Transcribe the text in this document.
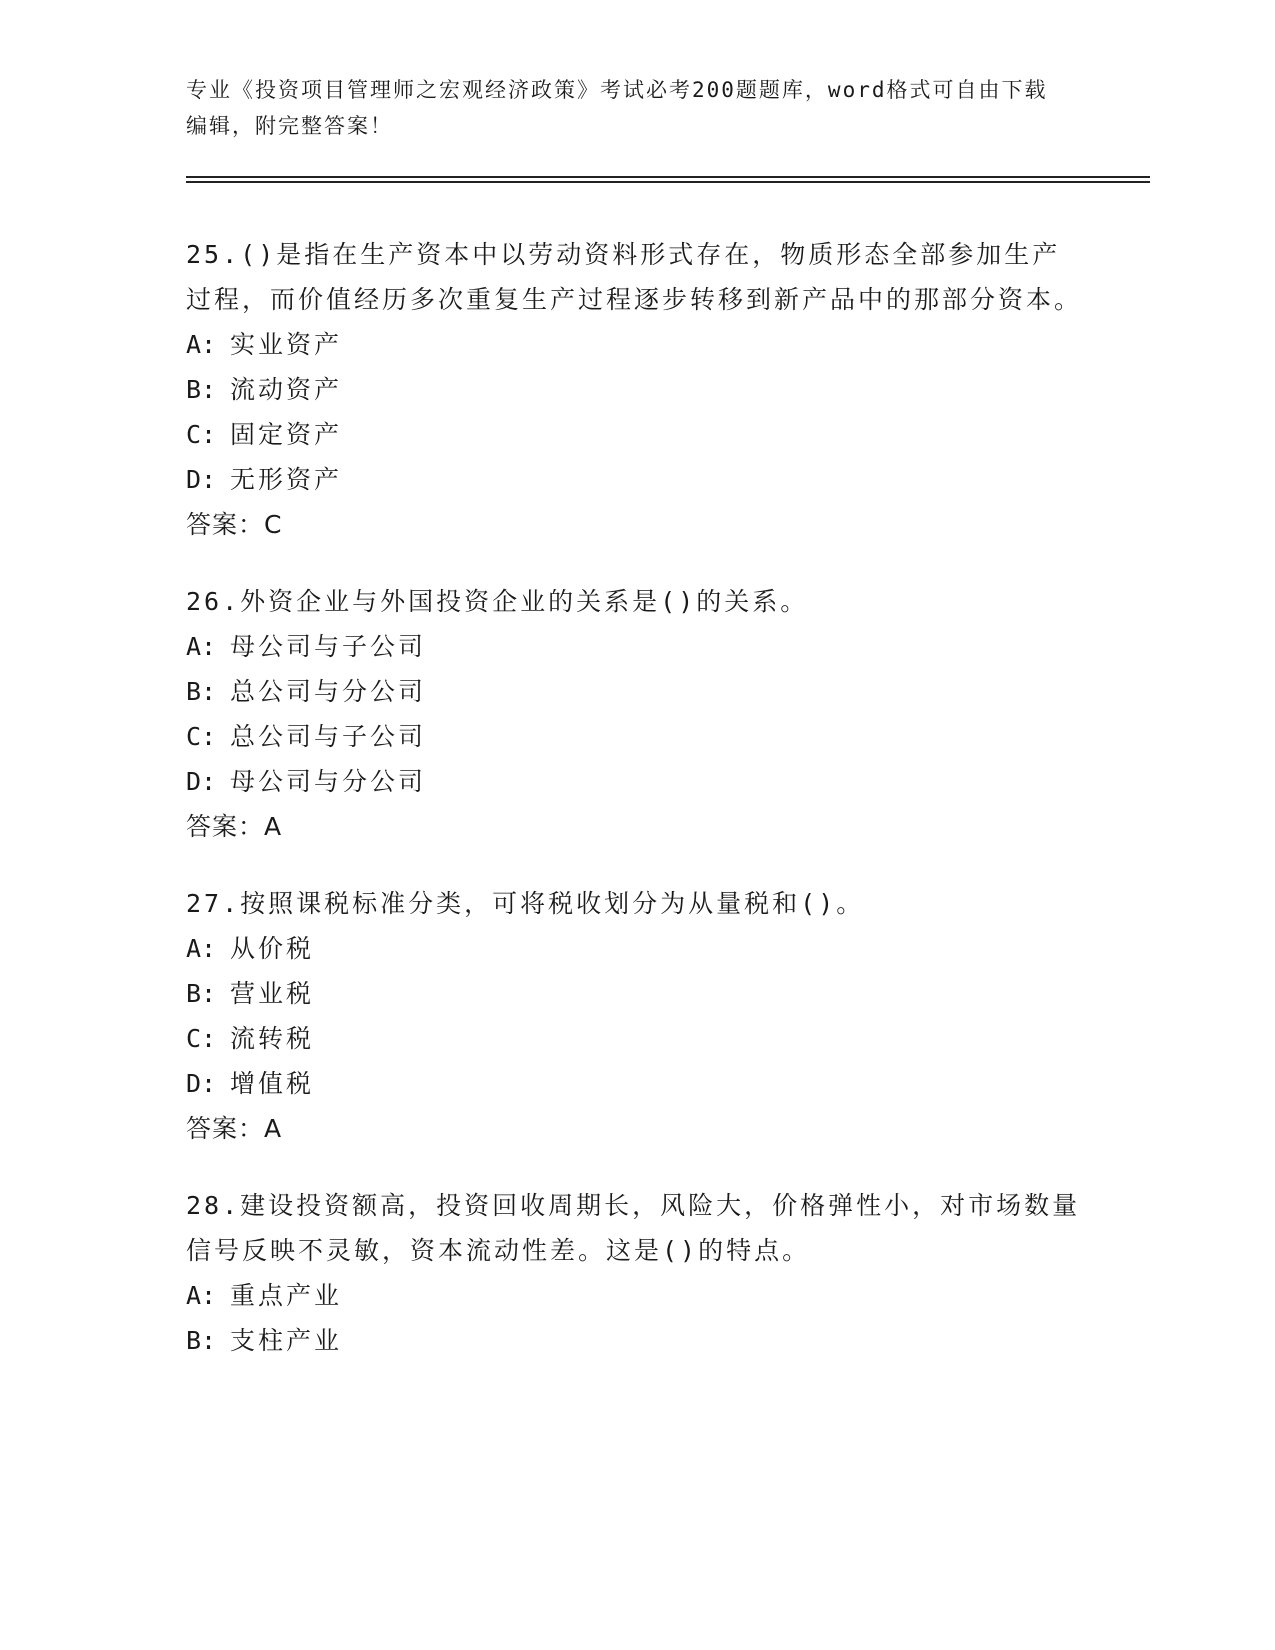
专业《投资项目管理师之宏观经济政策》考试必考200题题库，word格式可自由下载编辑，附完整答案！
25.()是指在生产资本中以劳动资料形式存在，物质形态全部参加生产过程，而价值经历多次重复生产过程逐步转移到新产品中的那部分资本。
A: 实业资产
B: 流动资产
C: 固定资产
D: 无形资产
答案：C
26.外资企业与外国投资企业的关系是()的关系。
A: 母公司与子公司
B: 总公司与分公司
C: 总公司与子公司
D: 母公司与分公司
答案：A
27.按照课税标准分类，可将税收划分为从量税和()。
A: 从价税
B: 营业税
C: 流转税
D: 增值税
答案：A
28.建设投资额高，投资回收周期长，风险大，价格弹性小，对市场数量信号反映不灵敏，资本流动性差。这是()的特点。
A: 重点产业
B: 支柱产业
